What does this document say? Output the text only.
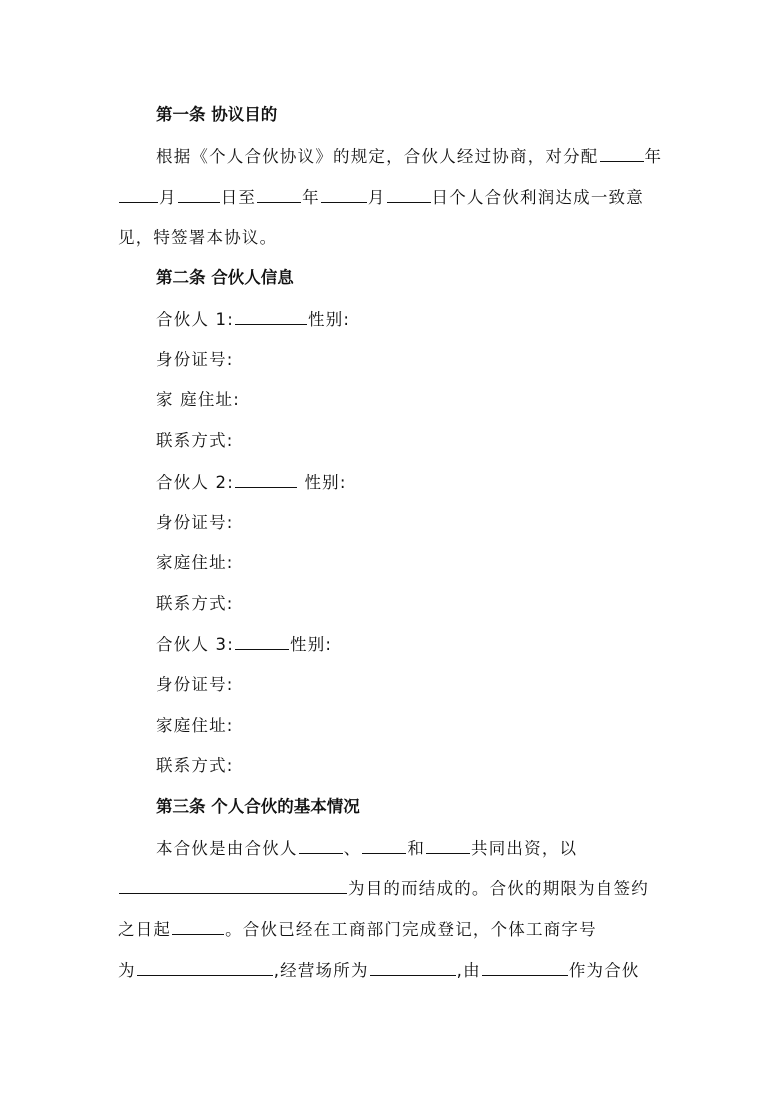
第一条 协议目的
根据《个人合伙协议》的规定，合伙人经过协商，对分配	年
月	日至	年	月	日个人合伙利润达成一致意
见，特签署本协议。
第二条 合伙人信息
合伙人 1:	性别:
身份证号:
家 庭住址:
联系方式:
合伙人 2:	性别:
身份证号:
家庭住址:
联系方式:
合伙人 3:	性别:
身份证号:
家庭住址:
联系方式:
第三条 个人合伙的基本情况
本合伙是由合伙人	、	和	共同出资，以
为目的而结成的。合伙的期限为自签约
之日起	。合伙已经在工商部门完成登记，个体工商字号
为	,经营场所为	,由	作为合伙
